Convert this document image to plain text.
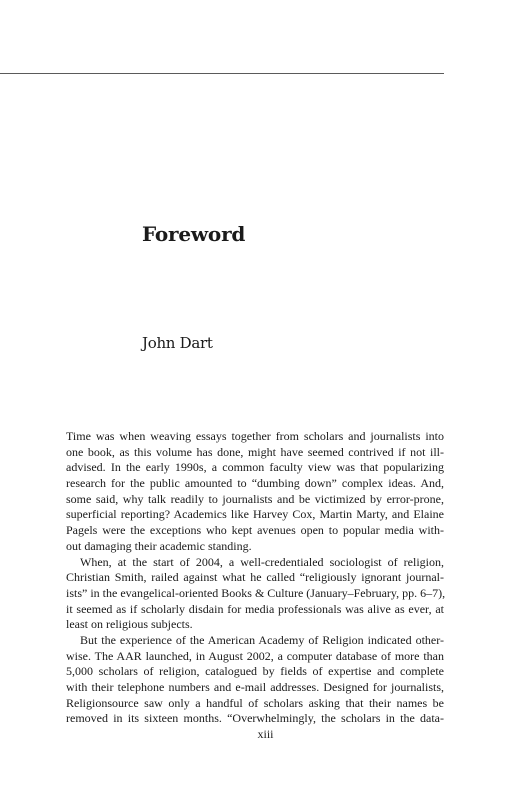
Foreword

John Dart

Time was when weaving essays together from scholars and journalists into
one book, as this volume has done, might have seemed contrived if not ill-
advised. In the early 1990s, a common faculty view was that popularizing
research for the public amounted to “dumbing down” complex ideas. And,
some said, why talk readily to journalists and be victimized by error-prone,
superficial reporting? Academics like Harvey Cox, Martin Marty, and Elaine
Pagels were the exceptions who kept avenues open to popular media with-
out damaging their academic standing.
When, at the start of 2004, a well-credentialed sociologist of religion,
Christian Smith, railed against what he called “religiously ignorant journal-
ists” in the evangelical-oriented Books & Culture (January–February, pp. 6–7),
it seemed as if scholarly disdain for media professionals was alive as ever, at
least on religious subjects.
But the experience of the American Academy of Religion indicated other-
wise. The AAR launched, in August 2002, a computer database of more than
5,000 scholars of religion, catalogued by fields of expertise and complete
with their telephone numbers and e-mail addresses. Designed for journalists,
Religionsource saw only a handful of scholars asking that their names be
removed in its sixteen months. “Overwhelmingly, the scholars in the data-
xiii
